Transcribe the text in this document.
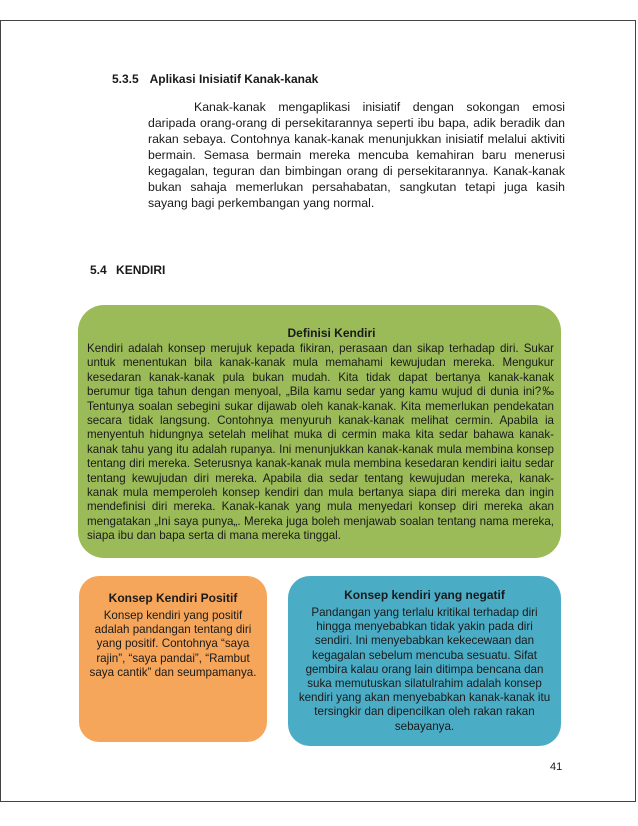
5.3.5 Aplikasi Inisiatif Kanak-kanak
Kanak-kanak mengaplikasi inisiatif dengan sokongan emosi daripada orang-orang di persekitarannya seperti ibu bapa, adik beradik dan rakan sebaya. Contohnya kanak-kanak menunjukkan inisiatif melalui aktiviti bermain. Semasa bermain mereka mencuba kemahiran baru menerusi kegagalan, teguran dan bimbingan orang di persekitarannya. Kanak-kanak bukan sahaja memerlukan persahabatan, sangkutan tetapi juga kasih sayang bagi perkembangan yang normal.
5.4 KENDIRI
Definisi Kendiri
Kendiri adalah konsep merujuk kepada fikiran, perasaan dan sikap terhadap diri. Sukar untuk menentukan bila kanak-kanak mula memahami kewujudan mereka. Mengukur kesedaran kanak-kanak pula bukan mudah. Kita tidak dapat bertanya kanak-kanak berumur tiga tahun dengan menyoal, „Bila kamu sedar yang kamu wujud di dunia ini?‰ Tentunya soalan sebegini sukar dijawab oleh kanak-kanak. Kita memerlukan pendekatan secara tidak langsung. Contohnya menyuruh kanak-kanak melihat cermin. Apabila ia menyentuh hidungnya setelah melihat muka di cermin maka kita sedar bahawa kanak-kanak tahu yang itu adalah rupanya. Ini menunjukkan kanak-kanak mula membina konsep tentang diri mereka. Seterusnya kanak-kanak mula membina kesedaran kendiri iaitu sedar tentang kewujudan diri mereka. Apabila dia sedar tentang kewujudan mereka, kanak-kanak mula memperoleh konsep kendiri dan mula bertanya siapa diri mereka dan ingin mendefinisi diri mereka. Kanak-kanak yang mula menyedari konsep diri mereka akan mengatakan „Ini saya punya„. Mereka juga boleh menjawab soalan tentang nama mereka, siapa ibu dan bapa serta di mana mereka tinggal.
Konsep Kendiri Positif
Konsep kendiri yang positif adalah pandangan tentang diri yang positif. Contohnya “saya rajin”, “saya pandai”, “Rambut saya cantik” dan seumpamanya.
Konsep kendiri yang negatif
Pandangan yang terlalu kritikal terhadap diri hingga menyebabkan tidak yakin pada diri sendiri. Ini menyebabkan kekecewaan dan kegagalan sebelum mencuba sesuatu. Sifat gembira kalau orang lain ditimpa bencana dan suka memutuskan silatulrahim adalah konsep kendiri yang akan menyebabkan kanak-kanak itu tersingkir dan dipencilkan oleh rakan rakan sebayanya.
41
